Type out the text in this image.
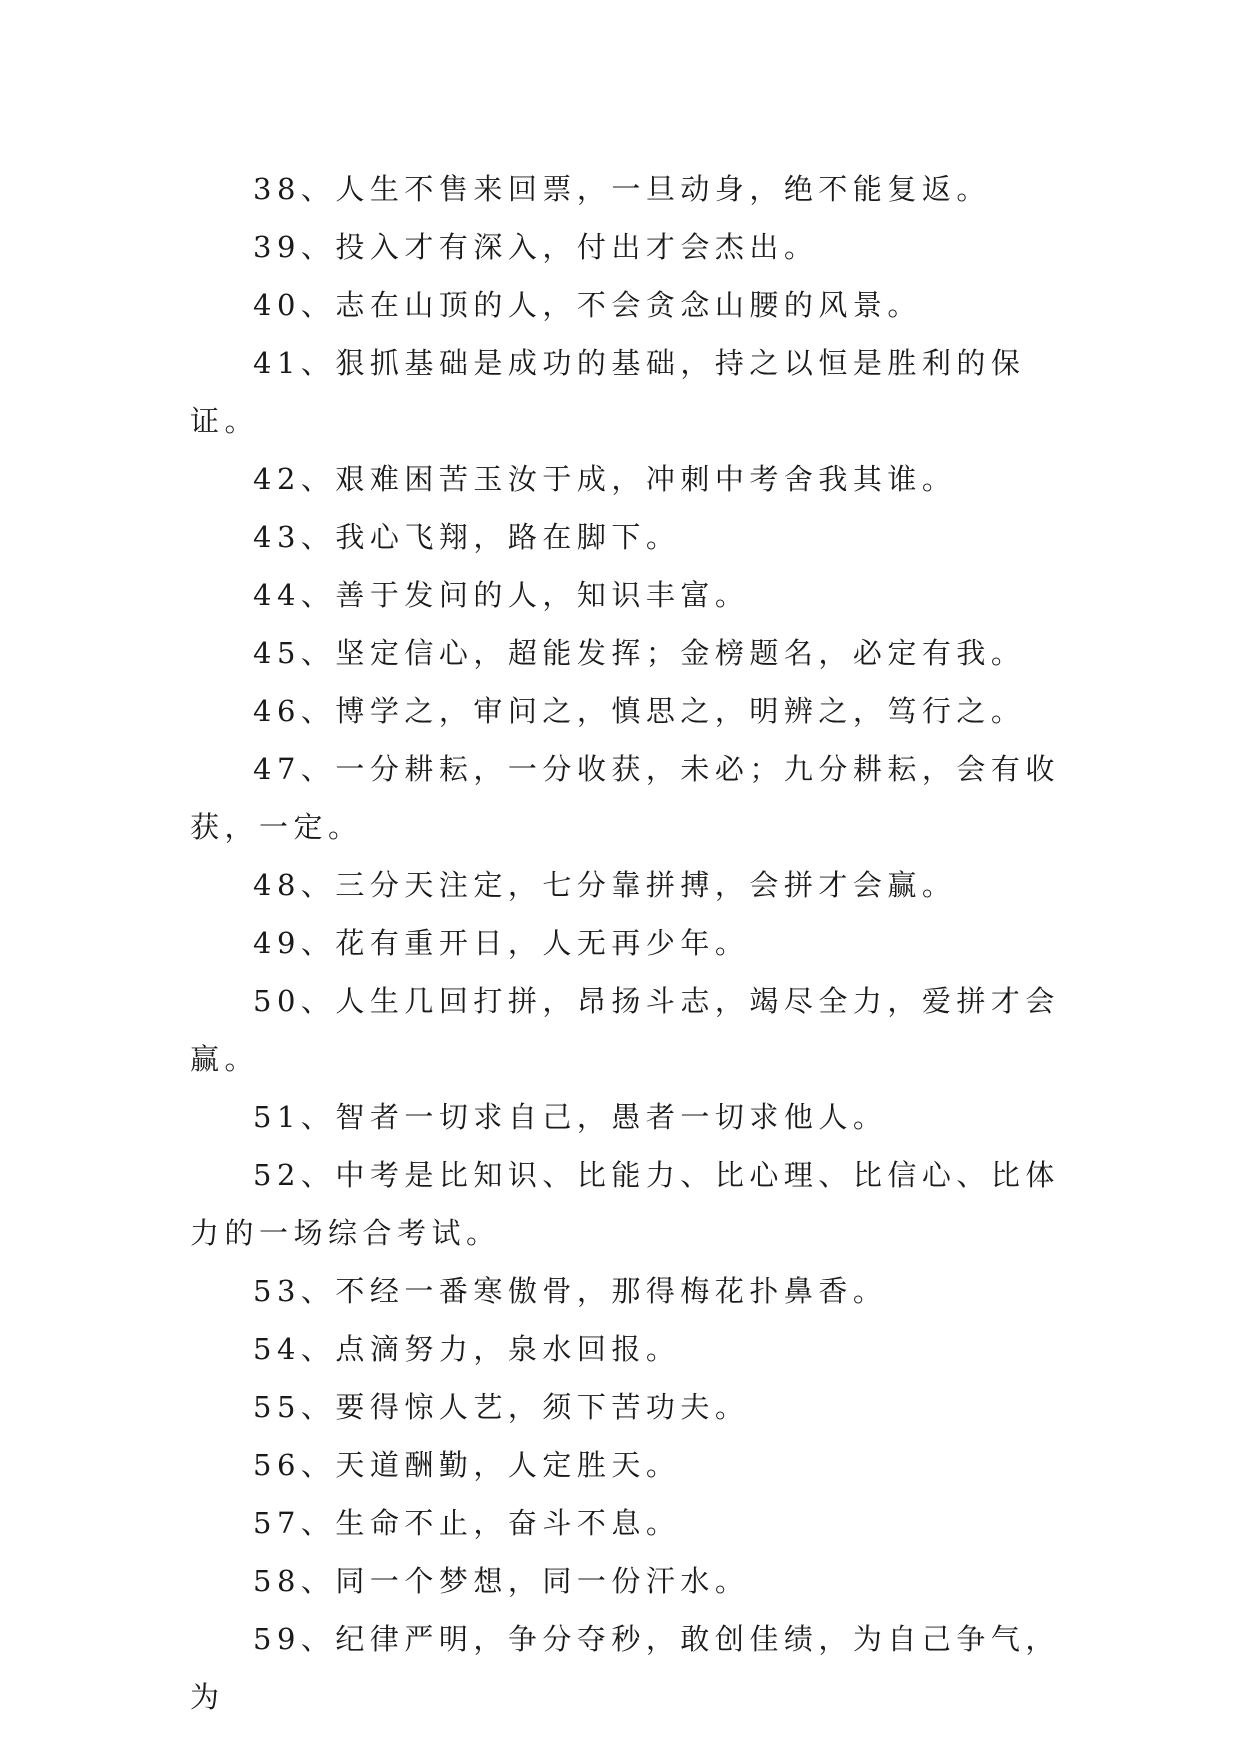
38、人生不售来回票，一旦动身，绝不能复返。

39、投入才有深入，付出才会杰出。

40、志在山顶的人，不会贪念山腰的风景。

41、狠抓基础是成功的基础，持之以恒是胜利的保证。

42、艰难困苦玉汝于成，冲刺中考舍我其谁。

43、我心飞翔，路在脚下。

44、善于发问的人，知识丰富。

45、坚定信心，超能发挥；金榜题名，必定有我。

46、博学之，审问之，慎思之，明辨之，笃行之。

47、一分耕耘，一分收获，未必；九分耕耘，会有收获，一定。

48、三分天注定，七分靠拼搏，会拼才会赢。

49、花有重开日，人无再少年。

50、人生几回打拼，昂扬斗志，竭尽全力，爱拼才会赢。

51、智者一切求自己，愚者一切求他人。

52、中考是比知识、比能力、比心理、比信心、比体力的一场综合考试。

53、不经一番寒傲骨，那得梅花扑鼻香。

54、点滴努力，泉水回报。

55、要得惊人艺，须下苦功夫。

56、天道酬勤，人定胜天。

57、生命不止，奋斗不息。

58、同一个梦想，同一份汗水。

59、纪律严明，争分夺秒，敢创佳绩，为自己争气，为
